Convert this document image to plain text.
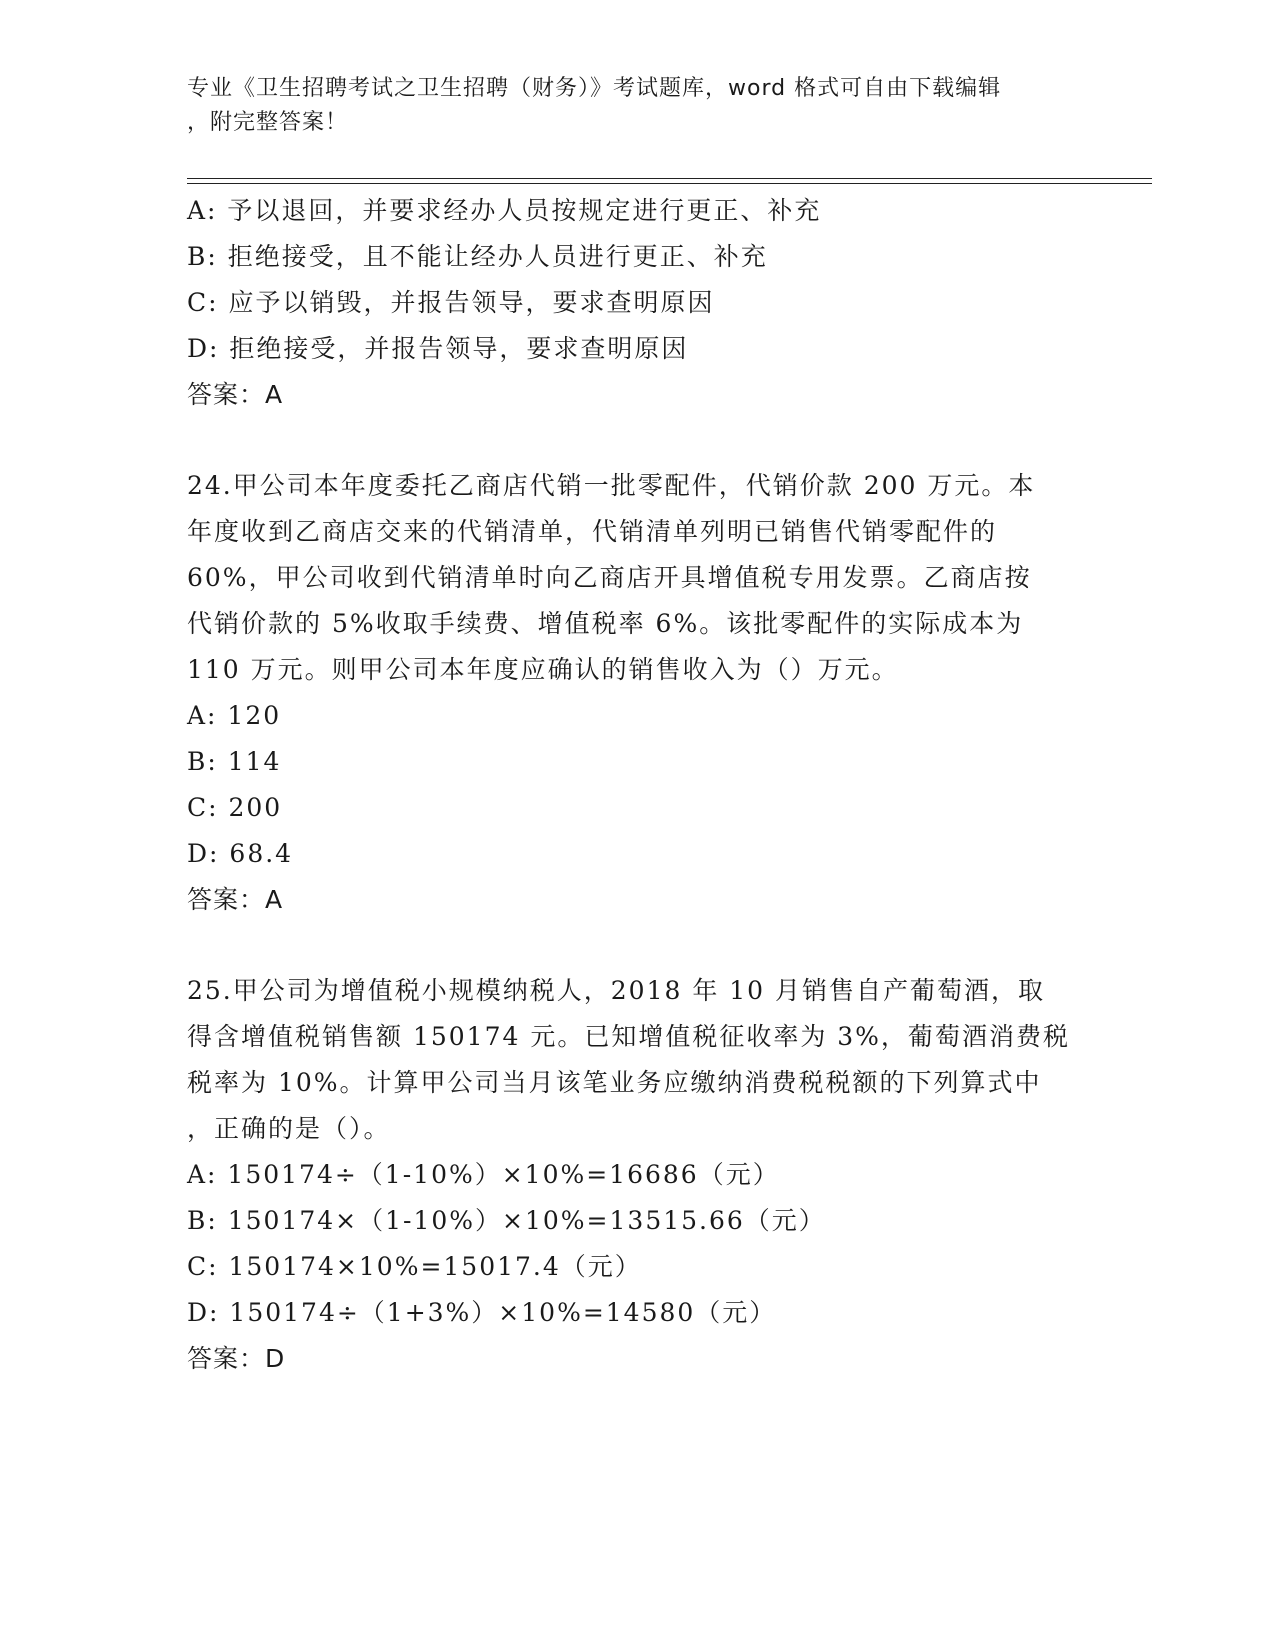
专业《卫生招聘考试之卫生招聘（财务）》考试题库，word 格式可自由下载编辑
，附完整答案！
A: 予以退回，并要求经办人员按规定进行更正、补充
B: 拒绝接受，且不能让经办人员进行更正、补充
C: 应予以销毁，并报告领导，要求查明原因
D: 拒绝接受，并报告领导，要求查明原因
答案：A
24.甲公司本年度委托乙商店代销一批零配件，代销价款 200 万元。本
年度收到乙商店交来的代销清单，代销清单列明已销售代销零配件的
60%，甲公司收到代销清单时向乙商店开具增值税专用发票。乙商店按
代销价款的 5%收取手续费、增值税率 6%。该批零配件的实际成本为
110 万元。则甲公司本年度应确认的销售收入为（）万元。
A: 120
B: 114
C: 200
D: 68.4
答案：A
25.甲公司为增值税小规模纳税人，2018 年 10 月销售自产葡萄酒，取
得含增值税销售额 150174 元。已知增值税征收率为 3%，葡萄酒消费税
税率为 10%。计算甲公司当月该笔业务应缴纳消费税税额的下列算式中
，正确的是（）。
A: 150174÷（1-10%）×10%=16686（元）
B: 150174×（1-10%）×10%=13515.66（元）
C: 150174×10%=15017.4（元）
D: 150174÷（1+3%）×10%=14580（元）
答案：D
